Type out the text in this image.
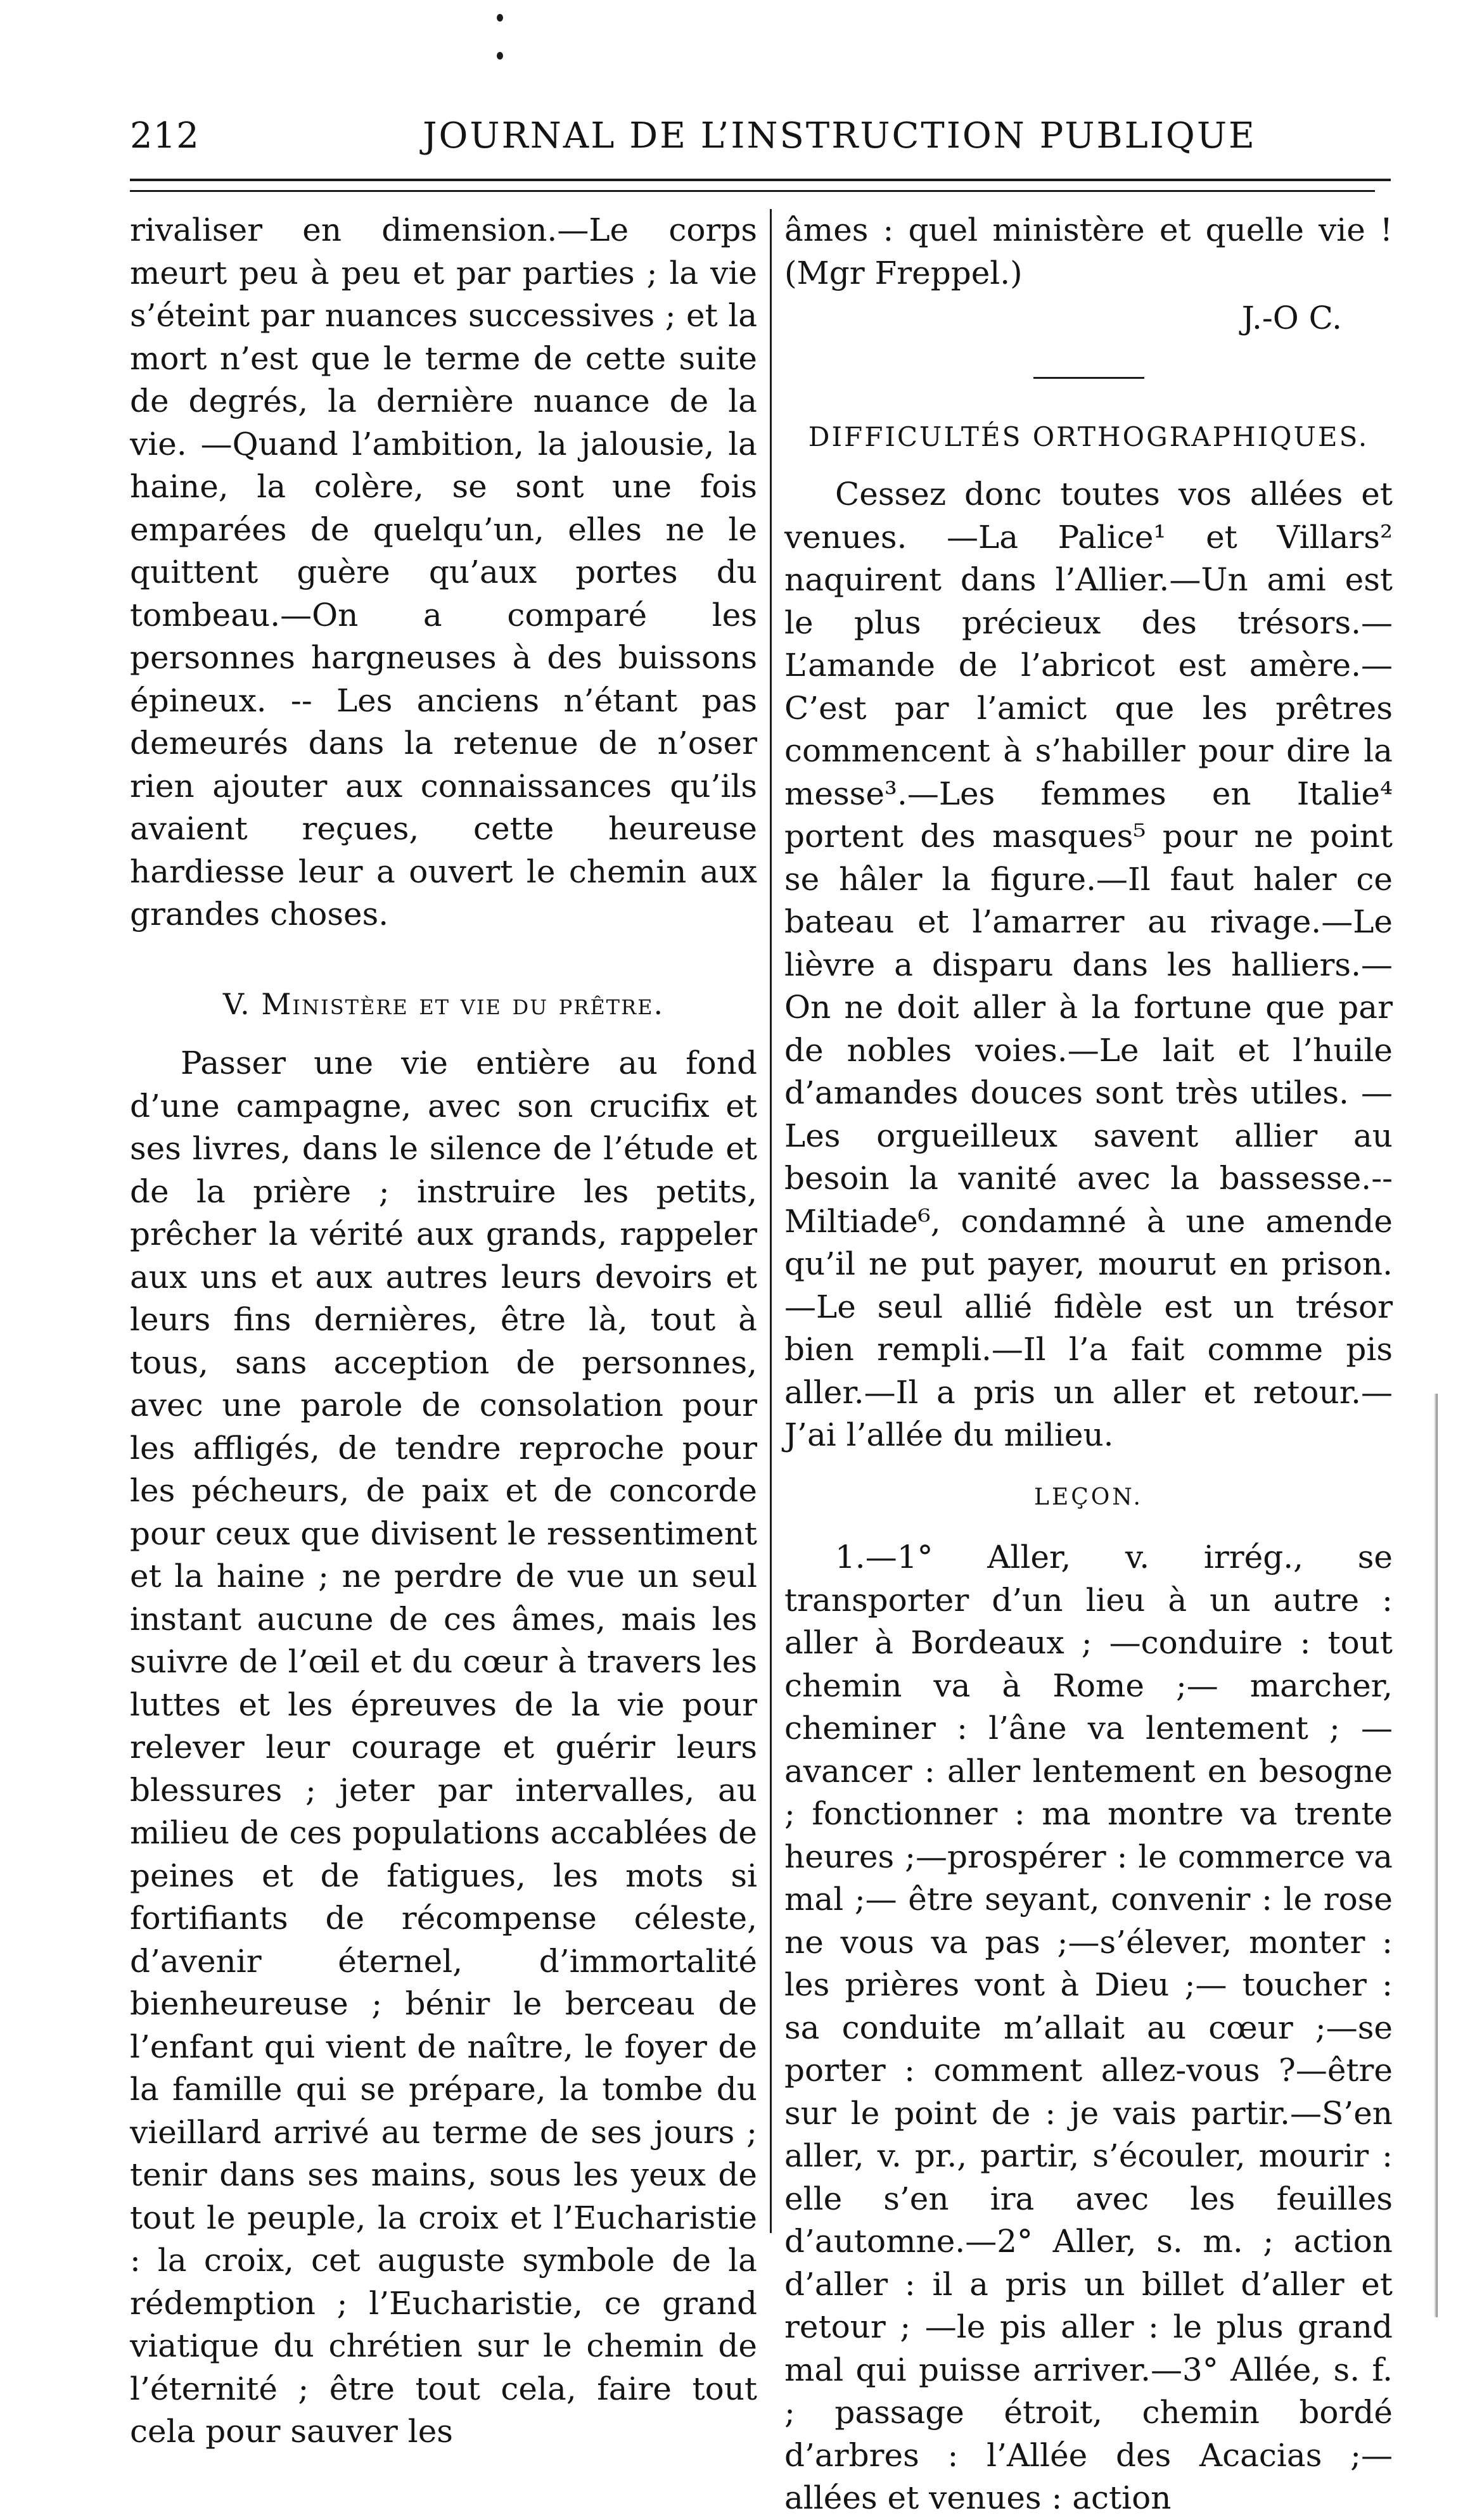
212	JOURNAL DE L’INSTRUCTION PUBLIQUE

rivaliser en dimension.—Le corps meurt peu à peu et par parties ; la vie s’éteint par nuances successives ; et la mort n’est que le terme de cette suite de degrés, la dernière nuance de la vie. —Quand l’ambition, la jalousie, la haine, la colère, se sont une fois emparées de quelqu’un, elles ne le quittent guère qu’aux portes du tombeau.—On a comparé les personnes hargneuses à des buissons épineux. -- Les anciens n’étant pas demeurés dans la retenue de n’oser rien ajouter aux connaissances qu’ils avaient reçues, cette heureuse hardiesse leur a ouvert le chemin aux grandes choses.

V. Ministère et vie du prêtre.

Passer une vie entière au fond d’une campagne, avec son crucifix et ses livres, dans le silence de l’étude et de la prière ; instruire les petits, prêcher la vérité aux grands, rappeler aux uns et aux autres leurs devoirs et leurs fins dernières, être là, tout à tous, sans acception de personnes, avec une parole de consolation pour les affligés, de tendre reproche pour les pécheurs, de paix et de concorde pour ceux que divisent le ressentiment et la haine ; ne perdre de vue un seul instant aucune de ces âmes, mais les suivre de l’œil et du cœur à travers les luttes et les épreuves de la vie pour relever leur courage et guérir leurs blessures ; jeter par intervalles, au milieu de ces populations accablées de peines et de fatigues, les mots si fortifiants de récompense céleste, d’avenir éternel, d’immortalité bienheureuse ; bénir le berceau de l’enfant qui vient de naître, le foyer de la famille qui se prépare, la tombe du vieillard arrivé au terme de ses jours ; tenir dans ses mains, sous les yeux de tout le peuple, la croix et l’Eucharistie : la croix, cet auguste symbole de la rédemption ; l’Eucharistie, ce grand viatique du chrétien sur le chemin de l’éternité ; être tout cela, faire tout cela pour sauver les

âmes : quel ministère et quelle vie ! (Mgr Freppel.)

J.-O C.
DIFFICULTÉS ORTHOGRAPHIQUES.

Cessez donc toutes vos allées et venues. —La Palice¹ et Villars² naquirent dans l’Allier.—Un ami est le plus précieux des trésors.—L’amande de l’abricot est amère.—C’est par l’amict que les prêtres commencent à s’habiller pour dire la messe³.—Les femmes en Italie⁴ portent des masques⁵ pour ne point se hâler la figure.—Il faut haler ce bateau et l’amarrer au rivage.—Le lièvre a disparu dans les halliers.—On ne doit aller à la fortune que par de nobles voies.—Le lait et l’huile d’amandes douces sont très utiles. —Les orgueilleux savent allier au besoin la vanité avec la bassesse.--Miltiade⁶, condamné à une amende qu’il ne put payer, mourut en prison.—Le seul allié fidèle est un trésor bien rempli.—Il l’a fait comme pis aller.—Il a pris un aller et retour.—J’ai l’allée du milieu.

LEÇON.

1.—1° Aller, v. irrég., se transporter d’un lieu à un autre : aller à Bordeaux ; —conduire : tout chemin va à Rome ;— marcher, cheminer : l’âne va lentement ; —avancer : aller lentement en besogne ; fonctionner : ma montre va trente heures ;—prospérer : le commerce va mal ;— être seyant, convenir : le rose ne vous va pas ;—s’élever, monter : les prières vont à Dieu ;— toucher : sa conduite m’allait au cœur ;—se porter : comment allez-vous ?—être sur le point de : je vais partir.—S’en aller, v. pr., partir, s’écouler, mourir : elle s’en ira avec les feuilles d’automne.—2° Aller, s. m. ; action d’aller : il a pris un billet d’aller et retour ; —le pis aller : le plus grand mal qui puisse arriver.—3° Allée, s. f. ; passage étroit, chemin bordé d’arbres : l’Allée des Acacias ;—allées et venues : action
